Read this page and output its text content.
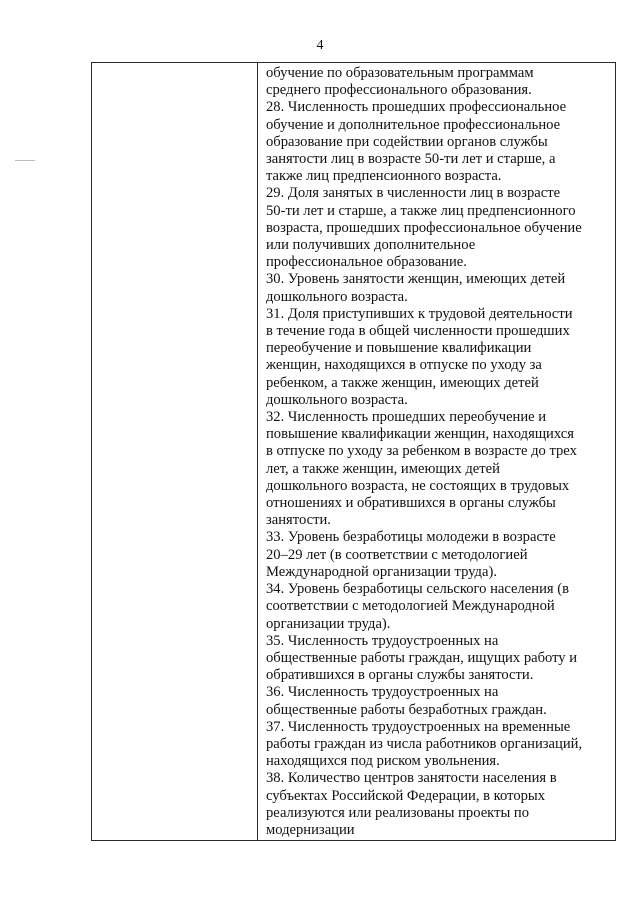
4

обучение по образовательным программам
среднего профессионального образования.

28. Численность прошедших профессиональное
обучение и дополнительное профессиональное
образование при содействии органов службы
занятости лиц в возрасте 50-ти лет и старше, а
также лиц предпенсионного возраста.

29. Доля занятых в численности лиц в возрасте
50-ти лет и старше, а также лиц предпенсионного
возраста, прошедших профессиональное обучение
или получивших дополнительное
профессиональное образование.

30. Уровень занятости женщин, имеющих детей
дошкольного возраста.

31. Доля приступивших к трудовой деятельности
в течение года в общей численности прошедших
переобучение и повышение квалификации
женщин, находящихся в отпуске по уходу за
ребенком, а также женщин, имеющих детей
дошкольного возраста.

32. Численность прошедших переобучение и
повышение квалификации женщин, находящихся
в отпуске по уходу за ребенком в возрасте до трех
лет, а также женщин, имеющих детей
дошкольного возраста, не состоящих в трудовых
отношениях и обратившихся в органы службы
занятости.

33. Уровень безработицы молодежи в возрасте
20–29 лет (в соответствии с методологией
Международной организации труда).

34. Уровень безработицы сельского населения (в
соответствии с методологией Международной
организации труда).

35. Численность трудоустроенных на
общественные работы граждан, ищущих работу и
обратившихся в органы службы занятости.

36. Численность трудоустроенных на
общественные работы безработных граждан.

37. Численность трудоустроенных на временные
работы граждан из числа работников организаций,
находящихся под риском увольнения.

38. Количество центров занятости населения в
субъектах Российской Федерации, в которых
реализуются или реализованы проекты по
модернизации
